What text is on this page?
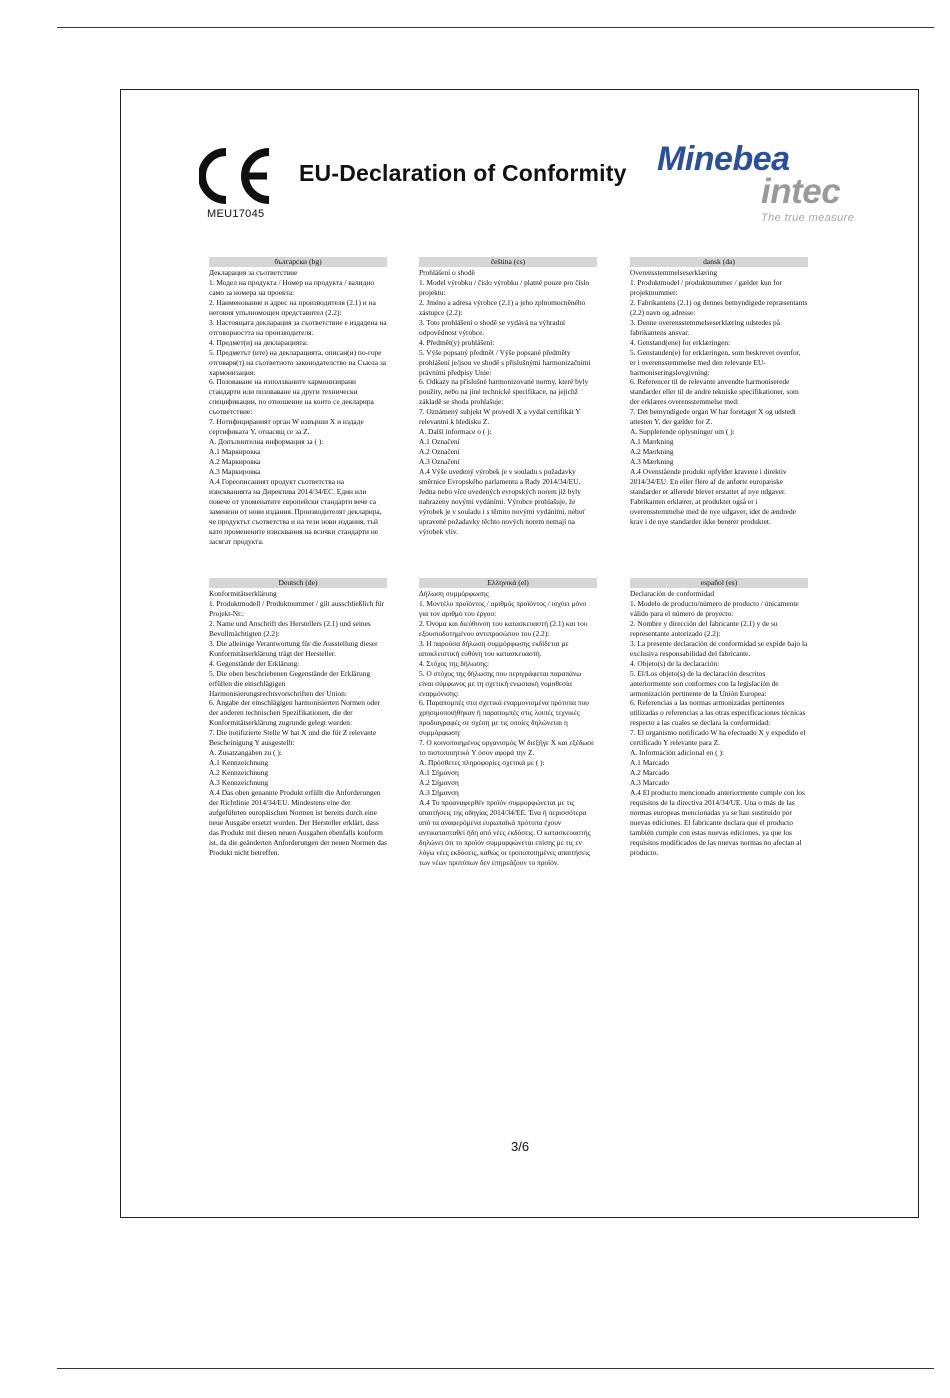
MEU17045
EU-Declaration of Conformity Minebea
intec
The true measure
български (bg)
Декларация за съответствие
1. Модел на продукта / Номер на продукта / валидно само за номера на проекта:
2. Наименование и адрес на производителя (2.1) и на неговия упълномощен представител (2.2):
3. Настоящата декларация за съответствие е издадена на отговорността на производителя.
4. Предмет(и) на декларацията:
5. Предметът (ите) на декларацията, описан(и) по-горе отговаря(т) на съответното законодателство на Съюза за хармонизация:
6. Позоваване на използваните хармонизирани стандарти или позоваване на други технически спецификации, по отношение на които се декларира съответствие:
7. Нотифицираният орган W извърши X и издаде сертификата Y, отнасящ се за Z.
A. Допълнителна информация за ( ):
A.1 Маркировка
A.2 Маркировка
A.3 Маркировка
A.4 Гореописаният продукт съответства на изискванията на Директива 2014/34/ЕС. Един или повече от упоменатите европейски стандарти вече са заменени от нови издания. Производителят декларира, че продуктът съответства и на тези нови издания, тъй като променените изисквания на всички стандарти не засягат продукта.
čeština (cs)
Prohlášení o shodě
1. Model výrobku / číslo výrobku / platné pouze pro číslo projektu:
2. Jméno a adresa výrobce (2.1) a jeho zplnomocněného zástupce (2.2):
3. Toto prohlášení o shodě se vydává na výhradní odpovědnost výrobce.
4. Předmět(y) prohlášení:
5. Výše popsaný předmět / Výše popsané předměty prohlášení je/jsou ve shodě s příslušnými harmonizačními právními předpisy Unie:
6. Odkazy na příslušné harmonizované normy, které byly použity, nebo na jiné technické specifikace, na jejichž základě se shoda prohlašuje:
7. Oznámený subjekt W provedl X a vydal certifikát Y relevantní k hledisku Z.
A. Další informace o ( ):
A.1 Označení
A.2 Označení
A.3 Označení
A.4 Výše uvedený výrobek je v souladu s požadavky směrnice Evropského parlamentu a Rady 2014/34/EU. Jedna nebo více uvedených evropských norem již byly nahrazeny novými vydáními. Výrobce prohlašuje, že výrobek je v souladu i s těmito novými vydáními, neboť upravené požadavky těchto nových norem nemají na výrobek vliv.
dansk (da)
Overensstemmelseserklæring
1. Produktmodel / produktnummer / gælder kun for projektnummer:
2. Fabrikantens (2.1) og dennes bemyndigede repræsentants (2.2) navn og adresse:
3. Denne overensstemmelseserklæring udstedes på fabrikantens ansvar.
4. Genstand(ene) for erklæringen:
5. Genstanden(e) for erklæringen, som beskrevet ovenfor, er i overensstemmelse med den relevante EU-harmoniseringslovgivning:
6. Referencer til de relevante anvendte harmoniserede standarder eller til de andre tekniske specifikationer, som der erklæres overensstemmelse med:
7. Det bemyndigede organ W har foretaget X og udstedt attesten Y, der gælder for Z.
A. Supplerende oplysninger om ( ):
A.1 Mærkning
A.2 Mærkning
A.3 Mærkning
A.4 Ovenstående produkt opfylder kravene i direktiv 2014/34/EU. En eller flere af de anførte europæiske standarder er allerede blevet erstattet af nye udgaver. Fabrikanten erklærer, at produktet også er i overensstemmelse med de nye udgaver, idet de ændrede krav i de nye standarder ikke berører produktet.
Deutsch (de)
Konformitätserklärung
1. Produktmodell / Produktnummer / gilt ausschließlich für Projekt-Nr.:
2. Name und Anschrift des Herstellers (2.1) und seines Bevollmächtigten (2.2):
3. Die alleinige Verantwortung für die Ausstellung dieser Konformitätserklärung trägt der Hersteller.
4. Gegenstände der Erklärung:
5. Die oben beschriebenen Gegenstände der Erklärung erfüllen die einschlägigen Harmonisierungsrechtsvorschriften der Union:
6. Angabe der einschlägigen harmonisierten Normen oder der anderen technischen Spezifikationen, die der Konformitätserklärung zugrunde gelegt wurden:
7. Die notifizierte Stelle W hat X und die für Z relevante Bescheinigung Y ausgestellt:
A. Zusatzangaben zu ( ):
A.1 Kennzeichnung
A.2 Kennzeichnung
A.3 Kennzeichnung
A.4 Das oben genannte Produkt erfüllt die Anforderungen der Richtlinie 2014/34/EU. Mindestens eine der aufgeführten europäischen Normen ist bereits durch eine neue Ausgabe ersetzt worden. Der Hersteller erklärt, dass das Produkt mit diesen neuen Ausgaben ebenfalls konform ist, da die geänderten Anforderungen der neuen Normen das Produkt nicht betreffen.
Ελληνικά (el)
Δήλωση συμμόρφωσης
1. Μοντέλο προϊόντος / αριθμός προϊόντος / ισχύει μόνο για τον αριθμό του έργου:
2. Όνομα και διεύθυνση του κατασκευαστή (2.1) και του εξουσιοδοτημένου αντιπροσώπου του (2.2):
3. Η παρούσα δήλωση συμμόρφωσης εκδίδεται με αποκλειστική ευθύνη του κατασκευαστή.
4. Στόχος της δήλωσης:
5. Ο στόχος της δήλωσης που περιγράφεται παραπάνω είναι σύμφωνος με τη σχετική ενωσιακή νομοθεσία εναρμόνισης:
6. Παραπομπές στα σχετικά εναρμονισμένα πρότυπα που χρησιμοποιήθηκαν ή παραπομπές στις λοιπές τεχνικές προδιαγραφές σε σχέση με τις οποίες δηλώνεται η συμμόρφωση:
7. Ο κοινοποιημένος οργανισμός W διεξήγε X και εξέδωσε το πιστοποιητικό Y όσον αφορά την Z.
A. Πρόσθετες πληροφορίες σχετικά με ( ):
A.1 Σήμανση
A.2 Σήμανση
A.3 Σήμανση
A.4 Το προαναφερθέν προϊόν συμμορφώνεται με τις απαιτήσεις της οδηγίας 2014/34/ΕΕ. Ένα ή περισσότερα από τα αναφερόμενα ευρωπαϊκά πρότυπα έχουν αντικατασταθεί ήδη από νέες εκδόσεις. Ο κατασκευαστής δηλώνει ότι το προϊόν συμμορφώνεται επίσης με τις εν λόγω νέες εκδόσεις, καθώς οι τροποποιημένες απαιτήσεις των νέων προτύπων δεν επηρεάζουν το προϊόν.
español (es)
Declaración de conformidad
1. Modelo de producto/número de producto / únicamente válido para el número de proyecto:
2. Nombre y dirección del fabricante (2.1) y de su representante autorizado (2.2):
3. La presente declaración de conformidad se expide bajo la exclusiva responsabilidad del fabricante.
4. Objeto(s) de la declaración:
5. El/Los objeto(s) de la declaración descritos anteriormente son conformes con la legislación de armonización pertinente de la Unión Europea:
6. Referencias a las normas armonizadas pertinentes utilizadas o referencias a las otras especificaciones técnicas respecto a las cuales se declara la conformidad:
7. El organismo notificado W ha efectuado X y expedido el certificado Y relevante para Z.
A. Información adicional en ( ):
A.1 Marcado
A.2 Marcado
A.3 Marcado
A.4 El producto mencionado anteriormente cumple con los requisitos de la directiva 2014/34/UE. Una o más de las normas europeas mencionadas ya se han sustituido por nuevas ediciones. El fabricante declara que el producto también cumple con estas nuevas ediciones, ya que los requisitos modificados de las nuevas normas no afectan al producto.
3/6
